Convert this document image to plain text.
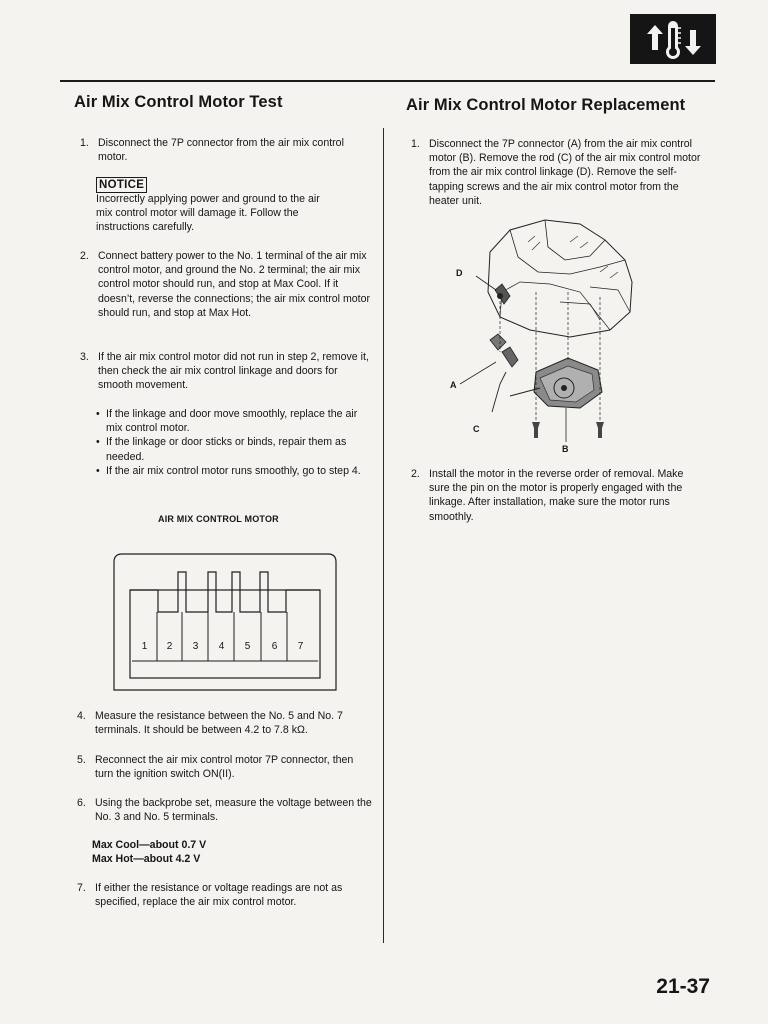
Air Mix Control Motor Test	Air Mix Control Motor Replacement
1. Disconnect the 7P connector from the air mix control motor.
NOTICE
Incorrectly applying power and ground to the air mix control motor will damage it. Follow the instructions carefully.
2. Connect battery power to the No. 1 terminal of the air mix control motor, and ground the No. 2 terminal; the air mix control motor should run, and stop at Max Cool. If it doesn’t, reverse the connections; the air mix control motor should run, and stop at Max Hot.
3. If the air mix control motor did not run in step 2, remove it, then check the air mix control linkage and doors for smooth movement.
• If the linkage and door move smoothly, replace the air mix control motor.
• If the linkage or door sticks or binds, repair them as needed.
• If the air mix control motor runs smoothly, go to step 4.
AIR MIX CONTROL MOTOR
1	2	3	4	5	6	7
4. Measure the resistance between the No. 5 and No. 7 terminals. It should be between 4.2 to 7.8 kΩ.
5. Reconnect the air mix control motor 7P connector, then turn the ignition switch ON(II).
6. Using the backprobe set, measure the voltage between the No. 3 and No. 5 terminals.
Max Cool—about 0.7 V
Max Hot—about 4.2 V
7. If either the resistance or voltage readings are not as specified, replace the air mix control motor.
1. Disconnect the 7P connector (A) from the air mix control motor (B). Remove the rod (C) of the air mix control motor from the air mix control linkage (D). Remove the self-tapping screws and the air mix control motor from the heater unit.
D
A
C
B
2. Install the motor in the reverse order of removal. Make sure the pin on the motor is properly engaged with the linkage. After installation, make sure the motor runs smoothly.
21-37
